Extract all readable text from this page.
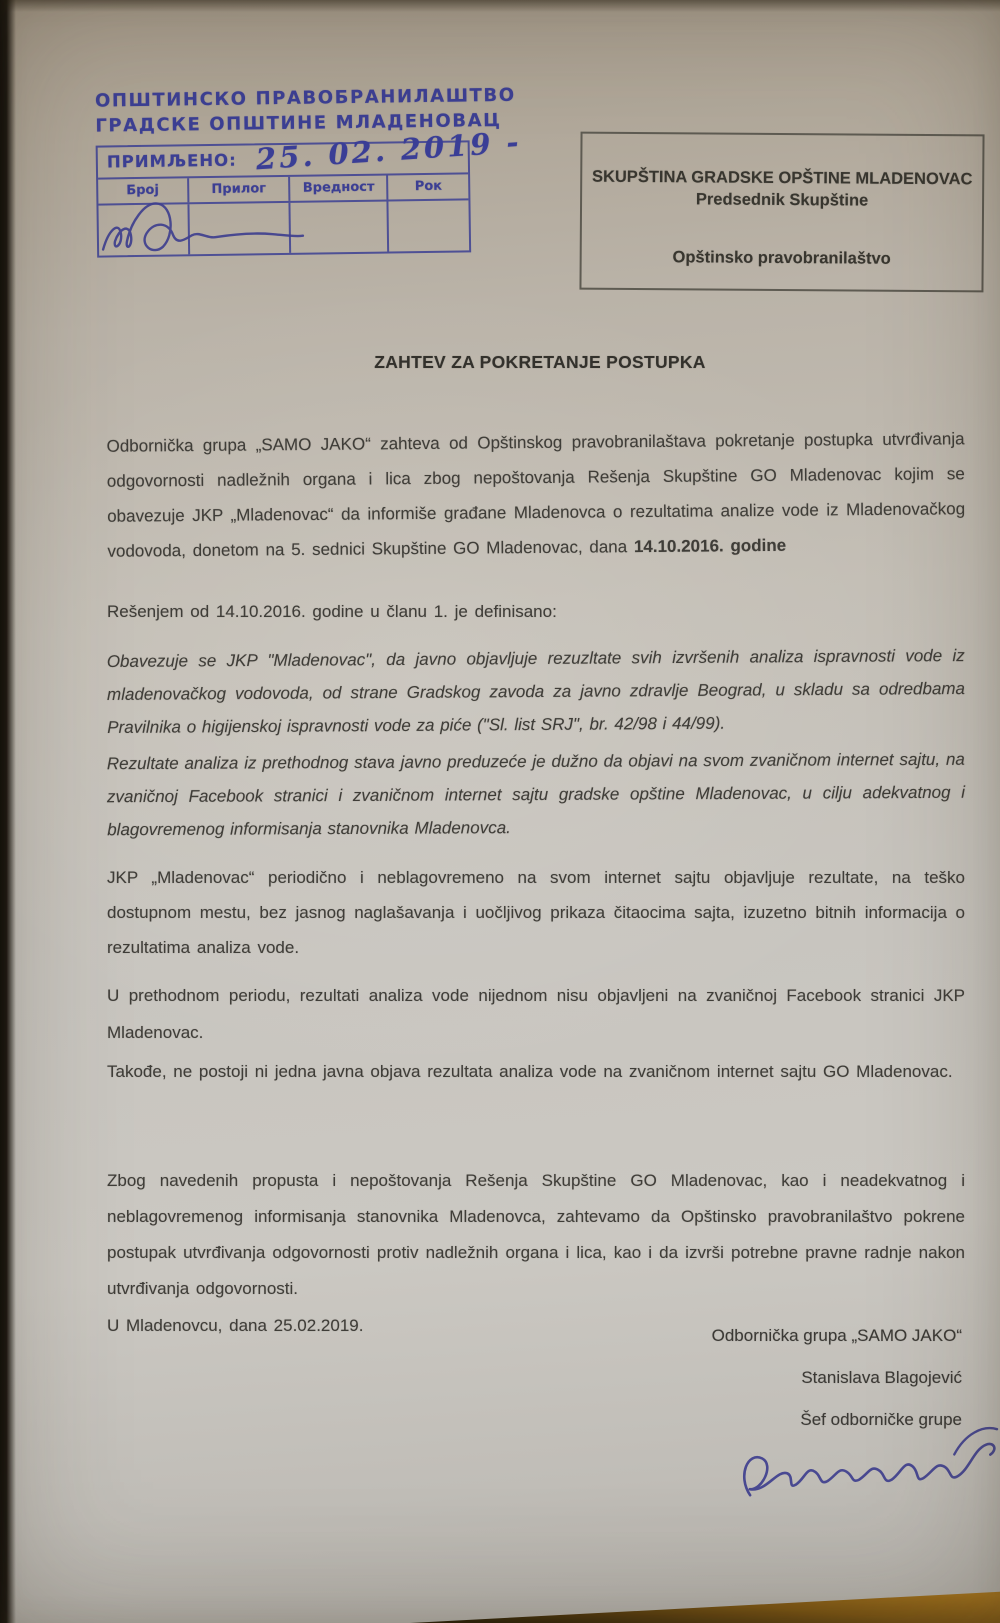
ОПШТИНСКО ПРАВОБРАНИЛАШТВО
ГРАДСКЕ ОПШТИНЕ МЛАДЕНОВАЦ
ПРИМЉЕНО:
Број	Прилог	Вредност	Рок
25. 02. 2019 -
SKUPŠTINA GRADSKE OPŠTINE MLADENOVAC
Predsednik Skupštine
Opštinsko pravobranilaštvo
ZAHTEV ZA POKRETANJE POSTUPKA

Odbornička grupa „SAMO JAKO“ zahteva od Opštinskog pravobranilaštava pokretanje postupka utvrđivanja odgovornosti nadležnih organa i lica zbog nepoštovanja Rešenja Skupštine GO Mladenovac kojim se obavezuje JKP „Mladenovac“ da informiše građane Mladenovca o rezultatima analize vode iz Mladenovačkog vodovoda, donetom na 5. sednici Skupštine GO Mladenovac, dana 14.10.2016. godine

Rešenjem od 14.10.2016. godine u članu 1. je definisano:

Obavezuje se JKP "Mladenovac", da javno objavljuje rezuzltate svih izvršenih analiza ispravnosti vode iz mladenovačkog vodovoda, od strane Gradskog zavoda za javno zdravlje Beograd, u skladu sa odredbama Pravilnika o higijenskoj ispravnosti vode za piće ("Sl. list SRJ", br. 42/98 i 44/99).

Rezultate analiza iz prethodnog stava javno preduzeće je dužno da objavi na svom zvaničnom internet sajtu, na zvaničnoj Facebook stranici i zvaničnom internet sajtu gradske opštine Mladenovac, u cilju adekvatnog i blagovremenog informisanja stanovnika Mladenovca.

JKP „Mladenovac“ periodično i neblagovremeno na svom internet sajtu objavljuje rezultate, na teško dostupnom mestu, bez jasnog naglašavanja i uočljivog prikaza čitaocima sajta, izuzetno bitnih informacija o rezultatima analiza vode.

U prethodnom periodu, rezultati analiza vode nijednom nisu objavljeni na zvaničnoj Facebook stranici JKP Mladenovac.

Takođe, ne postoji ni jedna javna objava rezultata analiza vode na zvaničnom internet sajtu GO Mladenovac.

Zbog navedenih propusta i nepoštovanja Rešenja Skupštine GO Mladenovac, kao i neadekvatnog i neblagovremenog informisanja stanovnika Mladenovca, zahtevamo da Opštinsko pravobranilaštvo pokrene postupak utvrđivanja odgovornosti protiv nadležnih organa i lica, kao i da izvrši potrebne pravne radnje nakon utvrđivanja odgovornosti.

U Mladenovcu, dana 25.02.2019.

Odbornička grupa „SAMO JAKO“
Stanislava Blagojević
Šef odborničke grupe
